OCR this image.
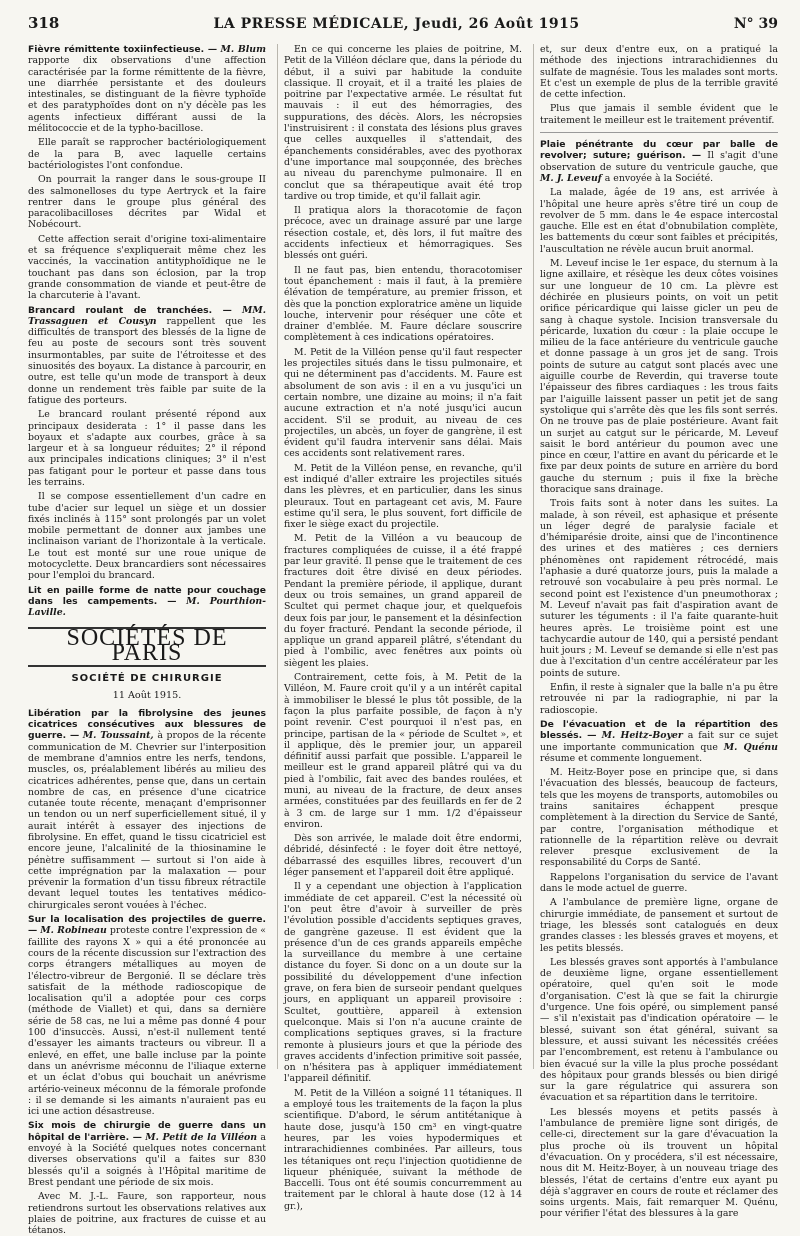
318	LA PRESSE MÉDICALE, Jeudi, 26 Août 1915	N° 39

Fièvre rémittente toxiinfectieuse. — M. Blum rapporte dix observations d'une affection caractérisée par la forme rémittente de la fièvre, une diarrhée persistante et des douleurs intestinales, se distinguant de la fièvre typhoïde et des paratyphoïdes dont on n'y décèle pas les agents infectieux différant aussi de la mélitococcie et de la typho-bacillose.

Elle paraît se rapprocher bactériologiquement de la para B, avec laquelle certains bactériologistes l'ont confondue.

On pourrait la ranger dans le sous-groupe II des salmonelloses du type Aertryck et la faire rentrer dans le groupe plus général des paracolibacilloses décrites par Widal et Nobécourt.

Cette affection serait d'origine toxi-alimentaire et sa fréquence s'expliquerait même chez les vaccinés, la vaccination antityphoïdique ne le touchant pas dans son éclosion, par la trop grande consommation de viande et peut-être de la charcuterie à l'avant.

Brancard roulant de tranchées. — MM. Trassaguen et Cousyn rappellent que les difficultés de transport des blessés de la ligne de feu au poste de secours sont très souvent insurmontables, par suite de l'étroitesse et des sinuosités des boyaux. La distance à parcourir, en outre, est telle qu'un mode de transport à deux donne un rendement très faible par suite de la fatigue des porteurs.

Le brancard roulant présenté répond aux principaux desiderata : 1° il passe dans les boyaux et s'adapte aux courbes, grâce à sa largeur et à sa longueur réduites; 2° il répond aux principales indications cliniques; 3° il n'est pas fatigant pour le porteur et passe dans tous les terrains.

Il se compose essentiellement d'un cadre en tube d'acier sur lequel un siège et un dossier fixés inclinés à 115° sont prolongés par un volet mobile permettant de donner aux jambes une inclinaison variant de l'horizontale à la verticale. Le tout est monté sur une roue unique de motocyclette. Deux brancardiers sont nécessaires pour l'emploi du brancard.

Lit en paille forme de natte pour couchage dans les campements. — M. Pourthion-Laville.

SOCIÉTÉS DE PARIS
SOCIÉTÉ DE CHIRURGIE
11 Août 1915.

Libération par la fibrolysine des jeunes cicatrices consécutives aux blessures de guerre. — M. Toussaint, à propos de la récente communication de M. Chevrier sur l'interposition de membrane d'amnios entre les nerfs, tendons, muscles, os, préalablement libérés au milieu des cicatrices adhérentes, pense que, dans un certain nombre de cas, en présence d'une cicatrice cutanée toute récente, menaçant d'emprisonner un tendon ou un nerf superficiellement situé, il y aurait intérêt à essayer des injections de fibrolysine. En effet, quand le tissu cicatriciel est encore jeune, l'alcalinité de la thiosinamine le pénètre suffisamment — surtout si l'on aide à cette imprégnation par la malaxation — pour prévenir la formation d'un tissu fibreux rétractile devant lequel toutes les tentatives médico-chirurgicales seront vouées à l'échec.

Sur la localisation des projectiles de guerre. — M. Robineau proteste contre l'expression de « faillite des rayons X » qui a été prononcée au cours de la récente discussion sur l'extraction des corps étrangers métalliques au moyen de l'électro-vibreur de Bergonié. Il se déclare très satisfait de la méthode radioscopique de localisation qu'il a adoptée pour ces corps (méthode de Viallet) et qui, dans sa dernière série de 58 cas, ne lui a même pas donné 4 pour 100 d'insuccès. Aussi, n'est-il nullement tenté d'essayer les aimants tracteurs ou vibreur. Il a enlevé, en effet, une balle incluse par la pointe dans un anévrisme méconnu de l'iliaque externe et un éclat d'obus qui bouchait un anévrisme artério-veineux méconnu de la fémorale profonde : il se demande si les aimants n'auraient pas eu ici une action désastreuse.

Six mois de chirurgie de guerre dans un hôpital de l'arrière. — M. Petit de la Villéon a envoyé à la Société quelques notes concernant diverses observations qu'il a faites sur 830 blessés qu'il a soignés à l'Hôpital maritime de Brest pendant une période de six mois.

Avec M. J.-L. Faure, son rapporteur, nous retiendrons surtout les observations relatives aux plaies de poitrine, aux fractures de cuisse et au tétanos.

En ce qui concerne les plaies de poitrine, M. Petit de la Villéon déclare que, dans la période du début, il a suivi par habitude la conduite classique. Il croyait, et il a traité les plaies de poitrine par l'expectative armée. Le résultat fut mauvais : il eut des hémorragies, des suppurations, des décès. Alors, les nécropsies l'instruisirent : il constata des lésions plus graves que celles auxquelles il s'attendait, des épanchements considérables, avec des pyothorax d'une importance mal soupçonnée, des brèches au niveau du parenchyme pulmonaire. Il en conclut que sa thérapeutique avait été trop tardive ou trop timide, et qu'il fallait agir.

Il pratiqua alors la thoracotomie de façon précoce, avec un drainage assuré par une large résection costale, et, dès lors, il fut maître des accidents infectieux et hémorragiques. Ses blessés ont guéri.

Il ne faut pas, bien entendu, thoracotomiser tout épanchement : mais il faut, à la première élévation de température, au premier frisson, et dès que la ponction exploratrice amène un liquide louche, intervenir pour réséquer une côte et drainer d'emblée. M. Faure déclare souscrire complètement à ces indications opératoires.

M. Petit de la Villéon pense qu'il faut respecter les projectiles situés dans le tissu pulmonaire, et qui ne déterminent pas d'accidents. M. Faure est absolument de son avis : il en a vu jusqu'ici un certain nombre, une dizaine au moins; il n'a fait aucune extraction et n'a noté jusqu'ici aucun accident. S'il se produit, au niveau de ces projectiles, un abcès, un foyer de gangrène, il est évident qu'il faudra intervenir sans délai. Mais ces accidents sont relativement rares.

M. Petit de la Villéon pense, en revanche, qu'il est indiqué d'aller extraire les projectiles situés dans les plèvres, et en particulier, dans les sinus pleuraux. Tout en partageant cet avis, M. Faure estime qu'il sera, le plus souvent, fort difficile de fixer le siège exact du projectile.

M. Petit de la Villéon a vu beaucoup de fractures compliquées de cuisse, il a été frappé par leur gravité. Il pense que le traitement de ces fractures doit être divisé en deux périodes. Pendant la première période, il applique, durant deux ou trois semaines, un grand appareil de Scultet qui permet chaque jour, et quelquefois deux fois par jour, le pansement et la désinfection du foyer fracturé. Pendant la seconde période, il applique un grand appareil plâtré, s'étendant du pied à l'ombilic, avec fenêtres aux points où siègent les plaies.

Contrairement, cette fois, à M. Petit de la Villéon, M. Faure croit qu'il y a un intérêt capital à immobiliser le blessé le plus tôt possible, de la façon la plus parfaite possible, de façon à n'y point revenir. C'est pourquoi il n'est pas, en principe, partisan de la « période de Scultet », et il applique, dès le premier jour, un appareil définitif aussi parfait que possible. L'appareil le meilleur est le grand appareil plâtré qui va du pied à l'ombilic, fait avec des bandes roulées, et muni, au niveau de la fracture, de deux anses armées, constituées par des feuillards en fer de 2 à 3 cm. de large sur 1 mm. 1/2 d'épaisseur environ.

Dès son arrivée, le malade doit être endormi, débridé, désinfecté : le foyer doit être nettoyé, débarrassé des esquilles libres, recouvert d'un léger pansement et l'appareil doit être appliqué.

Il y a cependant une objection à l'application immédiate de cet appareil. C'est la nécessité où l'on peut être d'avoir à surveiller de près l'évolution possible d'accidents septiques graves, de gangrène gazeuse. Il est évident que la présence d'un de ces grands appareils empêche la surveillance du membre à une certaine distance du foyer. Si donc on a un doute sur la possibilité du développement d'une infection grave, on fera bien de surseoir pendant quelques jours, en appliquant un appareil provisoire : Scultet, gouttière, appareil à extension quelconque. Mais si l'on n'a aucune crainte de complications septiques graves, si la fracture remonte à plusieurs jours et que la période des graves accidents d'infection primitive soit passée, on n'hésitera pas à appliquer immédiatement l'appareil définitif.

M. Petit de la Villéon a soigné 11 tétaniques. Il a employé tous les traitements de la façon la plus scientifique. D'abord, le sérum antitétanique à haute dose, jusqu'à 150 cm³ en vingt-quatre heures, par les voies hypodermiques et intrarachidiennes combinées. Par ailleurs, tous les tétaniques ont reçu l'injection quotidienne de liqueur phéniquée, suivant la méthode de Baccelli. Tous ont été soumis concurremment au traitement par le chloral à haute dose (12 à 14 gr.),

et, sur deux d'entre eux, on a pratiqué la méthode des injections intrarachidiennes du sulfate de magnésie. Tous les malades sont morts. Et c'est un exemple de plus de la terrible gravité de cette infection.

Plus que jamais il semble évident que le traitement le meilleur est le traitement préventif.

Plaie pénétrante du cœur par balle de revolver; suture; guérison. — Il s'agit d'une observation de suture du ventricule gauche, que M. J. Leveuf a envoyée à la Société.

La malade, âgée de 19 ans, est arrivée à l'hôpital une heure après s'être tiré un coup de revolver de 5 mm. dans le 4e espace intercostal gauche. Elle est en état d'obnubilation complète, les battements du cœur sont faibles et précipités, l'auscultation ne révèle aucun bruit anormal.

M. Leveuf incise le 1er espace, du sternum à la ligne axillaire, et résèque les deux côtes voisines sur une longueur de 10 cm. La plèvre est déchirée en plusieurs points, on voit un petit orifice péricardique qui laisse gicler un peu de sang à chaque systole. Incision transversale du péricarde, luxation du cœur : la plaie occupe le milieu de la face antérieure du ventricule gauche et donne passage à un gros jet de sang. Trois points de suture au catgut sont placés avec une aiguille courbe de Reverdin, qui traverse toute l'épaisseur des fibres cardiaques : les trous faits par l'aiguille laissent passer un petit jet de sang systolique qui s'arrête dès que les fils sont serrés. On ne trouve pas de plaie postérieure. Avant fait un surjet au catgut sur le péricarde, M. Leveuf saisit le bord antérieur du poumon avec une pince en cœur, l'attire en avant du péricarde et le fixe par deux points de suture en arrière du bord gauche du sternum ; puis il fixe la brèche thoracique sans drainage.

Trois faits sont à noter dans les suites. La malade, à son réveil, est aphasique et présente un léger degré de paralysie faciale et d'hémiparésie droite, ainsi que de l'incontinence des urines et des matières ; ces derniers phénomènes ont rapidement rétrocédé, mais l'aphasie a duré quatorze jours, puis la malade a retrouvé son vocabulaire à peu près normal. Le second point est l'existence d'un pneumothorax ; M. Leveuf n'avait pas fait d'aspiration avant de suturer les téguments : il l'a faite quarante-huit heures après. Le troisième point est une tachycardie autour de 140, qui a persisté pendant huit jours ; M. Leveuf se demande si elle n'est pas due à l'excitation d'un centre accélérateur par les points de suture.

Enfin, il reste à signaler que la balle n'a pu être retrouvée ni par la radiographie, ni par la radioscopie.

De l'évacuation et de la répartition des blessés. — M. Heitz-Boyer a fait sur ce sujet une importante communication que M. Quénu résume et commente longuement.

M. Heitz-Boyer pose en principe que, si dans l'évacuation des blessés, beaucoup de facteurs, tels que les moyens de transports, automobiles ou trains sanitaires échappent presque complètement à la direction du Service de Santé, par contre, l'organisation méthodique et rationnelle de la répartition relève ou devrait relever presque exclusivement de la responsabilité du Corps de Santé.

Rappelons l'organisation du service de l'avant dans le mode actuel de guerre.

A l'ambulance de première ligne, organe de chirurgie immédiate, de pansement et surtout de triage, les blessés sont catalogués en deux grandes classes : les blessés graves et moyens, et les petits blessés.

Les blessés graves sont apportés à l'ambulance de deuxième ligne, organe essentiellement opératoire, quel qu'en soit le mode d'organisation. C'est là que se fait la chirurgie d'urgence. Une fois opéré, ou simplement pansé — s'il n'existait pas d'indication opératoire — le blessé, suivant son état général, suivant sa blessure, et aussi suivant les nécessités créées par l'encombrement, est retenu à l'ambulance ou bien évacué sur la ville la plus proche possédant des hôpitaux pour grands blessés ou bien dirigé sur la gare régulatrice qui assurera son évacuation et sa répartition dans le territoire.

Les blessés moyens et petits passés à l'ambulance de première ligne sont dirigés, de celle-ci, directement sur la gare d'évacuation la plus proche où ils trouvent un hôpital d'évacuation. On y procédera, s'il est nécessaire, nous dit M. Heitz-Boyer, à un nouveau triage des blessés, l'état de certains d'entre eux ayant pu déjà s'aggraver en cours de route et réclamer des soins urgents. Mais, fait remarquer M. Quénu, pour vérifier l'état des blessures à la gare
